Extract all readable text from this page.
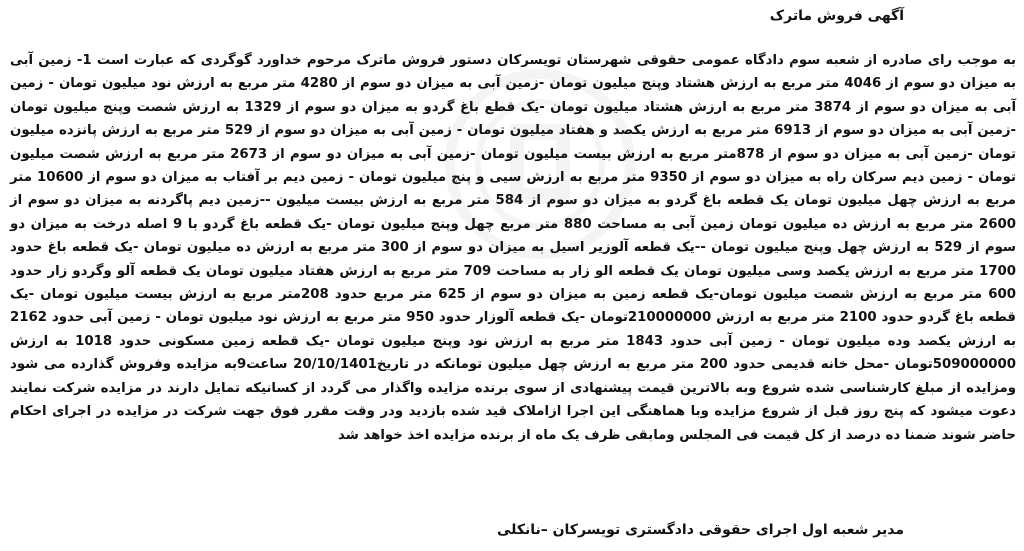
آگهی فروش ماترک

به موجب رای صادره از شعبه سوم دادگاه عمومی حقوقی شهرستان تویسرکان دستور فروش ماترک مرحوم خداورد گوگردی که عبارت است 1- زمین آبی به میزان دو سوم از 4046 متر مربع به ارزش هشتاد وپنج میلیون تومان -زمین آبی به میزان دو سوم از 4280 متر مربع به ارزش نود میلیون تومان - زمین آبی به میزان دو سوم از 3874 متر مربع به ارزش هشتاد میلیون تومان -یک قطع باغ گردو به میزان دو سوم از 1329 به ارزش شصت وپنج میلیون تومان -زمین آبی به میزان دو سوم از 6913 متر مربع به ارزش یکصد و هفتاد میلیون تومان - زمین آبی به میزان دو سوم از 529 متر مربع به ارزش پانزده میلیون تومان -زمین آبی به میزان دو سوم از 878متر مربع به ارزش بیست میلیون تومان -زمین آبی به میزان دو سوم از 2673 متر مربع به ارزش شصت میلیون تومان - زمین دیم سرکان راه به میزان دو سوم از 9350 متر مربع به ارزش سیی و پنج میلیون تومان - زمین دیم بر آفتاب به میزان دو سوم از 10600 متر مربع به ارزش چهل میلیون تومان یک قطعه باغ گردو به میزان دو سوم از 584 متر مربع به ارزش بیست میلیون --زمین دیم پاگردنه به میزان دو سوم از 2600 متر مربع به ارزش ده میلیون تومان زمین آبی به مساحت 880 متر مربع چهل وپنج میلیون تومان -یک قطعه باغ گردو با 9 اصله درخت به میزان دو سوم از 529 به ارزش چهل وپنج میلیون تومان --یک قطعه آلوزیر اسیل به میزان دو سوم از 300 متر مربع به ارزش ده میلیون تومان -یک قطعه باغ حدود 1700 متر مربع به ارزش یکصد وسی میلیون تومان یک قطعه الو زار به مساحت 709 متر مربع به ارزش هفتاد میلیون تومان یک قطعه آلو وگردو زار حدود 600 متر مربع به ارزش شصت میلیون تومان-یک قطعه زمین به میزان دو سوم از 625 متر مربع حدود 208متر مربع به ارزش بیست میلیون تومان -یک قطعه باغ گردو حدود 2100 متر مربع به ارزش 210000000تومان -یک قطعه آلوزار حدود 950 متر مربع به ارزش نود میلیون تومان - زمین آبی حدود 2162 به ارزش یکصد وده میلیون تومان - زمین آبی حدود 1843 متر مربع به ارزش نود وپنج میلیون تومان -یک قطعه زمین مسکونی حدود 1018 به ارزش 509000000تومان -محل خانه قدیمی حدود 200 متر مربع به ارزش چهل میلیون تومانکه در تاریخ20/10/1401 ساعت9به مزایده وفروش گذارده می شود ومزایده از مبلغ کارشناسی شده شروع وبه بالاترین قیمت پیشنهادی از سوی برنده مزایده واگذار می گردد از کسانیکه تمایل دارند در مزایده شرکت نمایند دعوت میشود که پنج روز قبل از شروع مزایده وبا هماهنگی این اجرا ازاملاک قید شده بازدید ودر وقت مقرر فوق جهت شرکت در مزایده در اجرای احکام حاضر شوند ضمنا ده درصد از کل قیمت فی المجلس ومابقی ظرف یک ماه از برنده مزایده اخذ خواهد شد

مدیر شعبه اول اجرای حقوقی دادگستری تویسرکان –نانکلی
